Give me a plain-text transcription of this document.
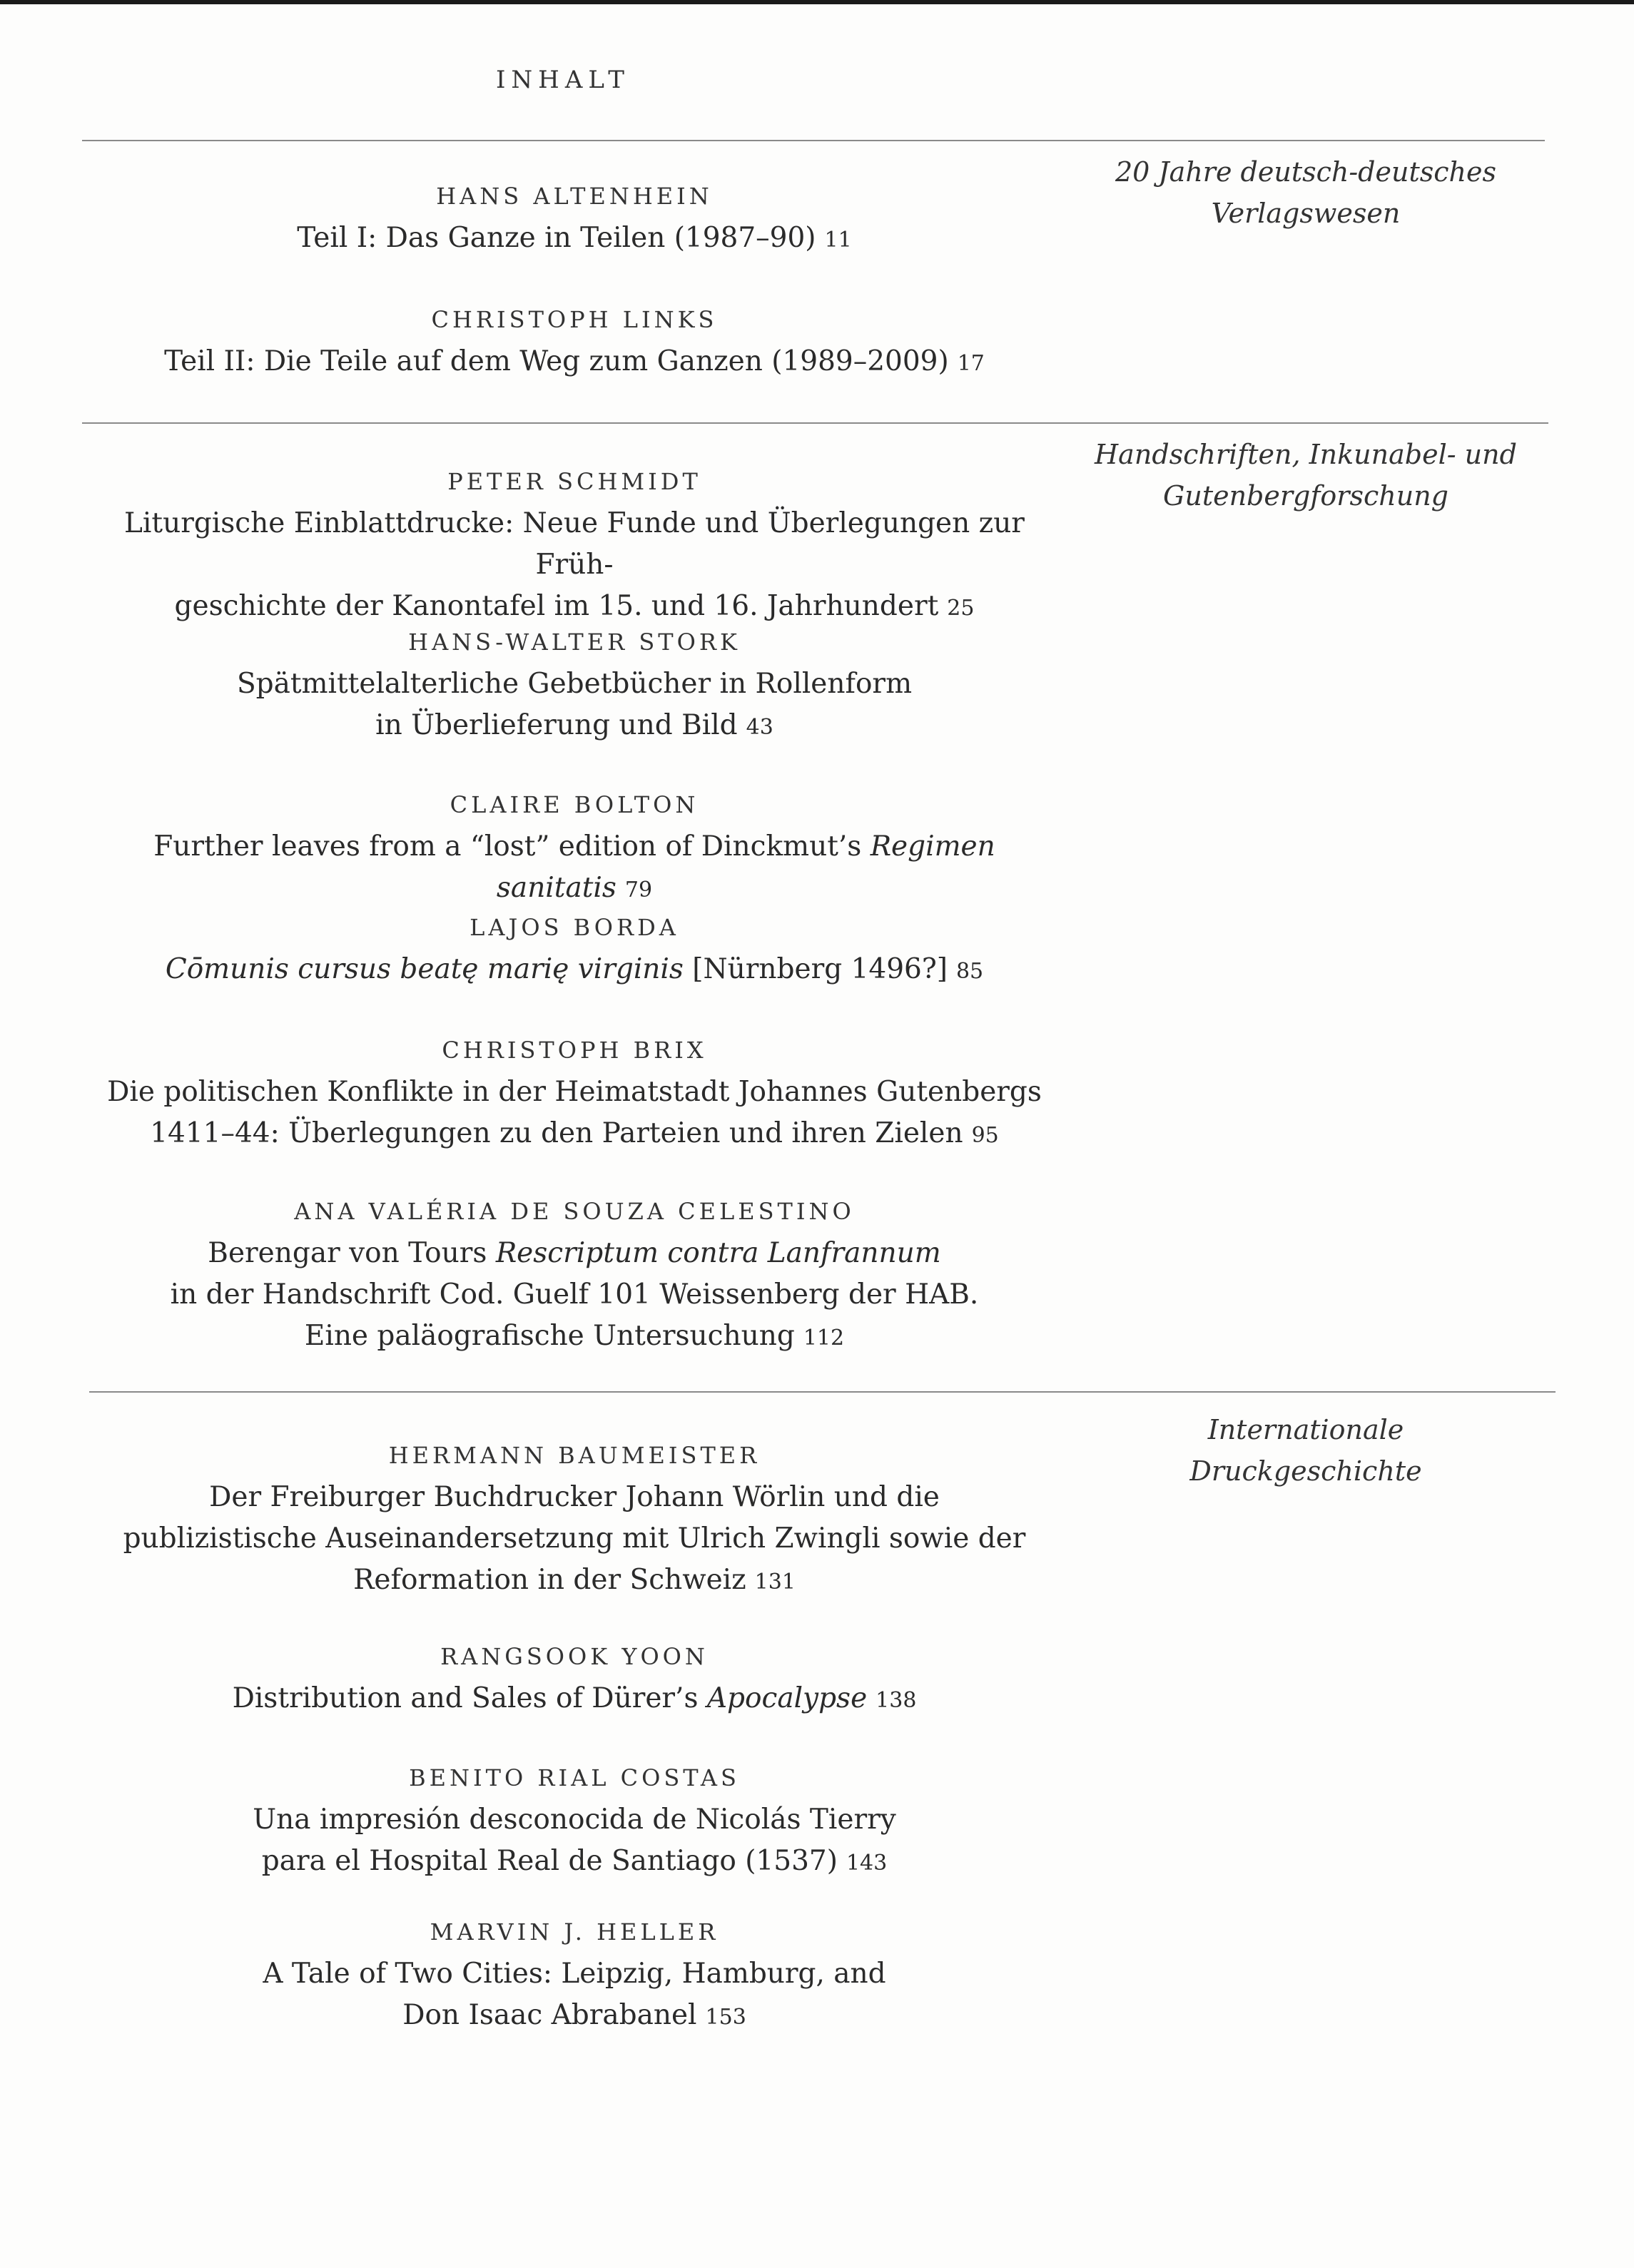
INHALT
20 Jahre deutsch-deutsches
Verlagswesen
HANS ALTENHEIN
Teil I: Das Ganze in Teilen (1987–90) 11
CHRISTOPH LINKS
Teil II: Die Teile auf dem Weg zum Ganzen (1989–2009) 17
Handschriften, Inkunabel- und
Gutenbergforschung
PETER SCHMIDT
Liturgische Einblattdrucke: Neue Funde und Überlegungen zur Früh-
geschichte der Kanontafel im 15. und 16. Jahrhundert 25
HANS-WALTER STORK
Spätmittelalterliche Gebetbücher in Rollenform
in Überlieferung und Bild 43
CLAIRE BOLTON
Further leaves from a “lost” edition of Dinckmut’s Regimen sanitatis 79
LAJOS BORDA
Cōmunis cursus beatę marię virginis [Nürnberg 1496?] 85
CHRISTOPH BRIX
Die politischen Konflikte in der Heimatstadt Johannes Gutenbergs
1411–44: Überlegungen zu den Parteien und ihren Zielen 95
ANA VALÉRIA DE SOUZA CELESTINO
Berengar von Tours Rescriptum contra Lanfrannum
in der Handschrift Cod. Guelf 101 Weissenberg der HAB.
Eine paläografische Untersuchung 112
Internationale Druckgeschichte
HERMANN BAUMEISTER
Der Freiburger Buchdrucker Johann Wörlin und die
publizistische Auseinandersetzung mit Ulrich Zwingli sowie der
Reformation in der Schweiz 131
RANGSOOK YOON
Distribution and Sales of Dürer’s Apocalypse 138
BENITO RIAL COSTAS
Una impresión desconocida de Nicolás Tierry
para el Hospital Real de Santiago (1537) 143
MARVIN J. HELLER
A Tale of Two Cities: Leipzig, Hamburg, and
Don Isaac Abrabanel 153
